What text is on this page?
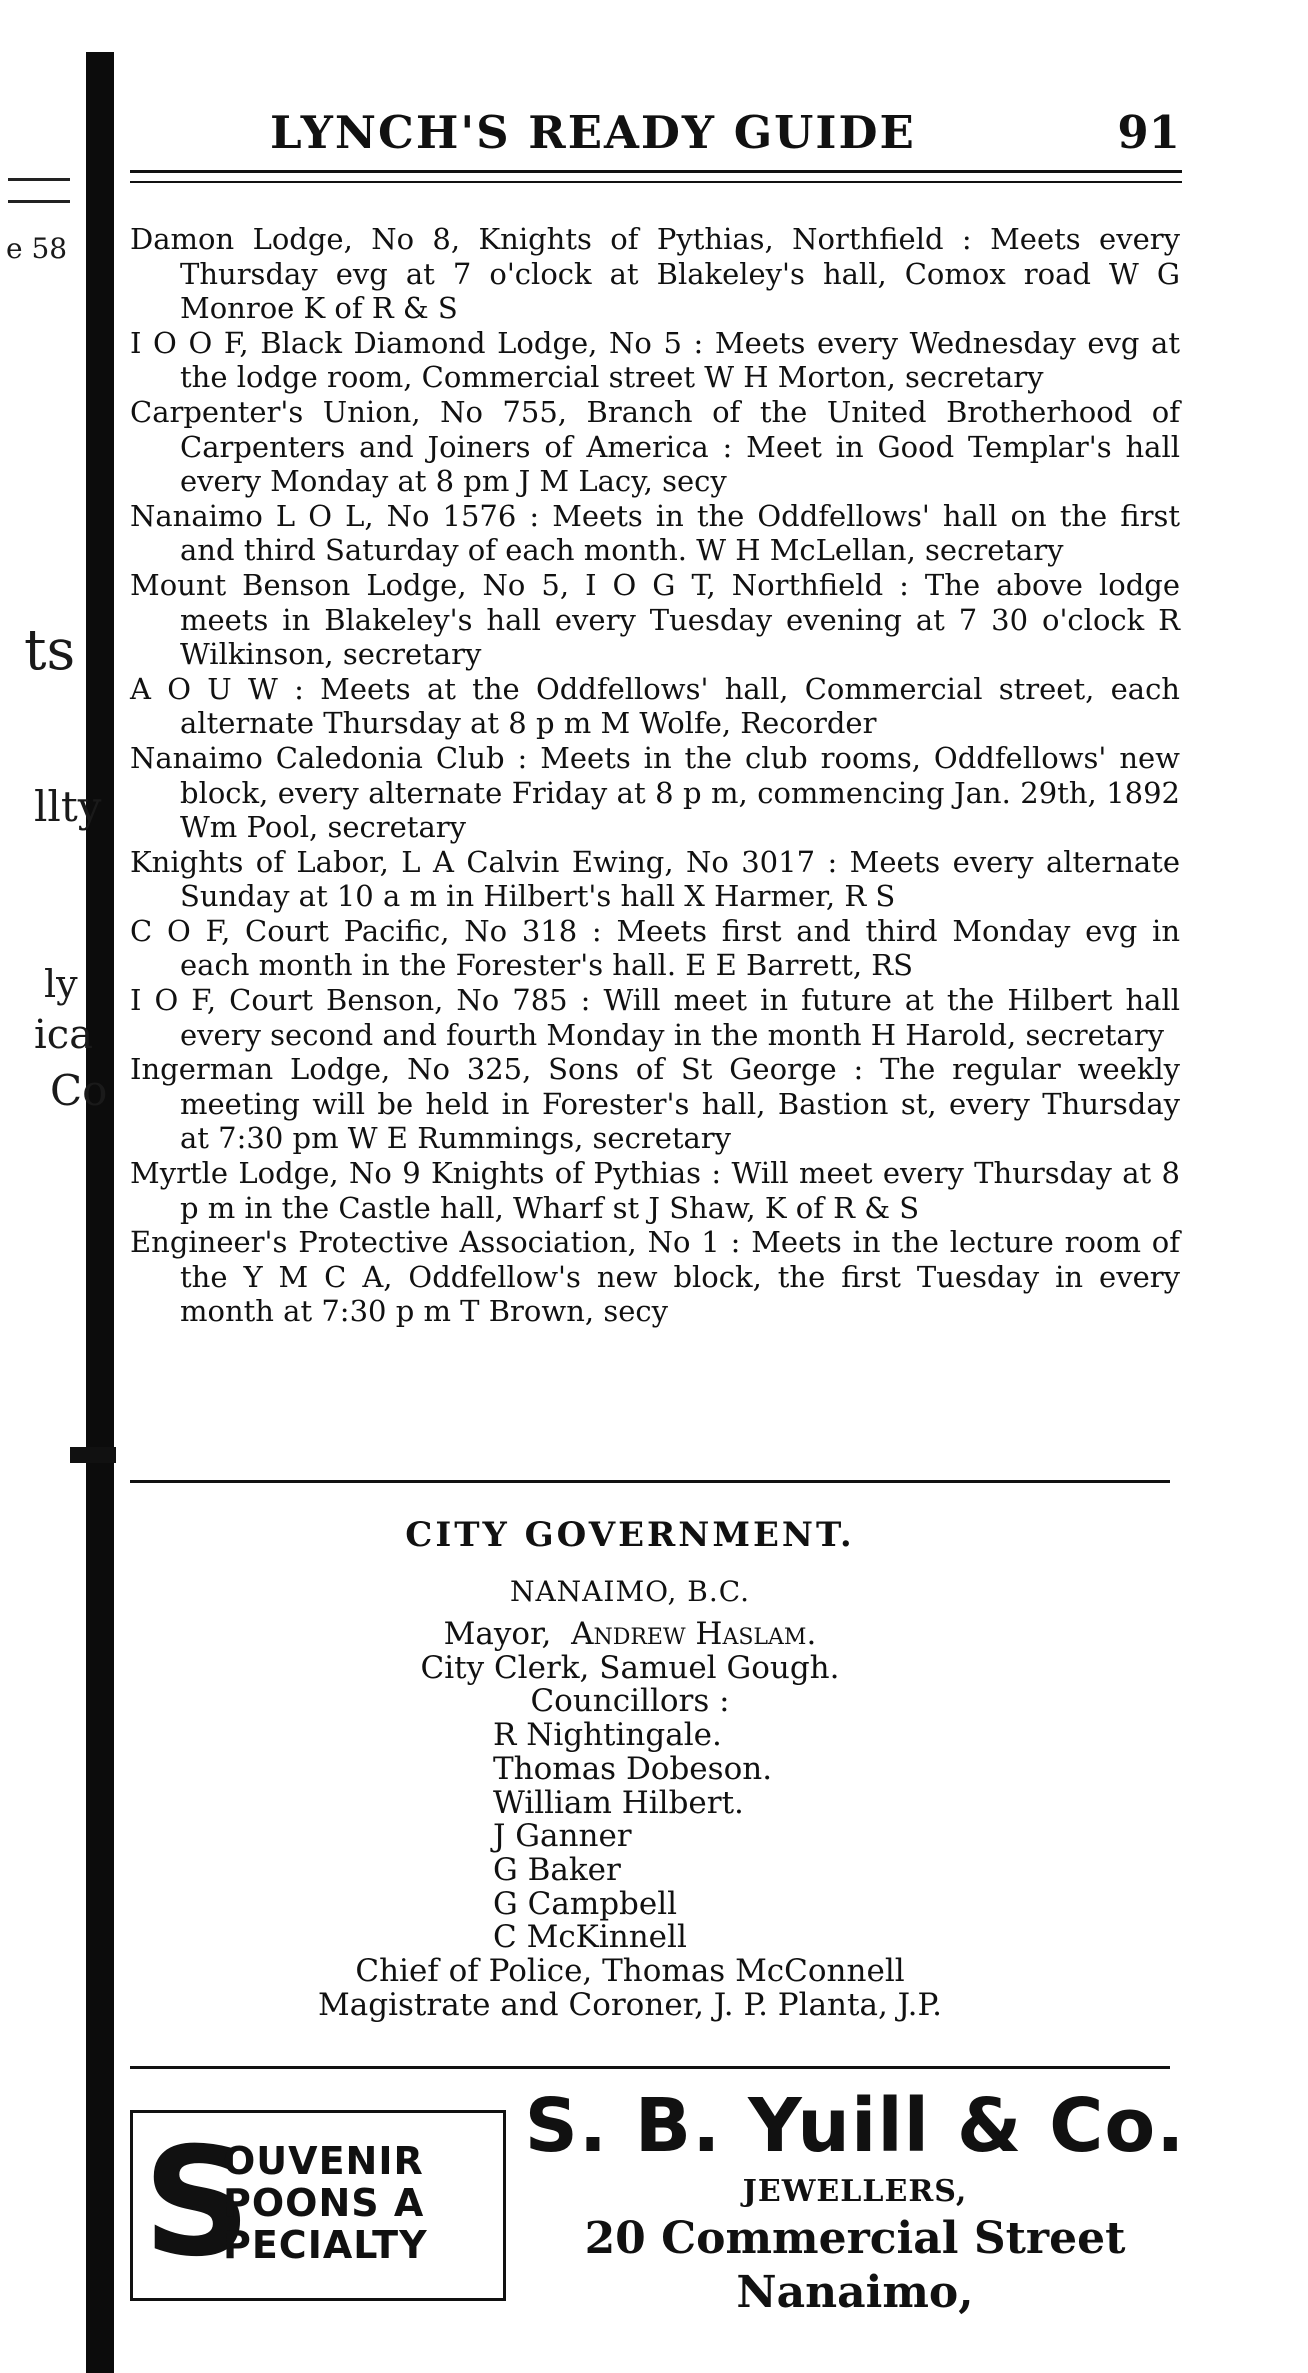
e 58
ts
llty
ly
ica
Co
LYNCH'S READY GUIDE	91
Damon Lodge, No 8, Knights of Pythias, Northfield : Meets every Thursday evg at 7 o'clock at Blakeley's hall, Comox road W G Monroe K of R & S
I O O F, Black Diamond Lodge, No 5 : Meets every Wednesday evg at the lodge room, Commercial street W H Morton, secretary
Carpenter's Union, No 755, Branch of the United Brotherhood of Carpenters and Joiners of America : Meet in Good Templar's hall every Monday at 8 pm J M Lacy, secy
Nanaimo L O L, No 1576 : Meets in the Oddfellows' hall on the first and third Saturday of each month. W H McLellan, secretary
Mount Benson Lodge, No 5, I O G T, Northfield : The above lodge meets in Blakeley's hall every Tuesday evening at 7 30 o'clock R Wilkinson, secretary
A O U W : Meets at the Oddfellows' hall, Commercial street, each alternate Thursday at 8 p m M Wolfe, Recorder
Nanaimo Caledonia Club : Meets in the club rooms, Oddfellows' new block, every alternate Friday at 8 p m, commencing Jan. 29th, 1892 Wm Pool, secretary
Knights of Labor, L A Calvin Ewing, No 3017 : Meets every alternate Sunday at 10 a m in Hilbert's hall X Harmer, R S
C O F, Court Pacific, No 318 : Meets first and third Monday evg in each month in the Forester's hall. E E Barrett, RS
I O F, Court Benson, No 785 : Will meet in future at the Hilbert hall every second and fourth Monday in the month H Harold, secretary
Ingerman Lodge, No 325, Sons of St George : The regular weekly meeting will be held in Forester's hall, Bastion st, every Thursday at 7:30 pm W E Rummings, secretary
Myrtle Lodge, No 9 Knights of Pythias : Will meet every Thursday at 8 p m in the Castle hall, Wharf st J Shaw, K of R & S
Engineer's Protective Association, No 1 : Meets in the lecture room of the Y M C A, Oddfellow's new block, the first Tuesday in every month at 7:30 p m T Brown, secy
CITY GOVERNMENT.
NANAIMO, B.C.
Mayor, Andrew Haslam.
City Clerk, Samuel Gough.
Councillors :
R Nightingale.
Thomas Dobeson.
William Hilbert.
J Ganner
G Baker
G Campbell
C McKinnell
Chief of Police, Thomas McConnell
Magistrate and Coroner, J. P. Planta, J.P.
S
OUVENIR
POONS A
PECIALTY
S. B. Yuill & Co.
JEWELLERS,
20 Commercial Street
Nanaimo,
